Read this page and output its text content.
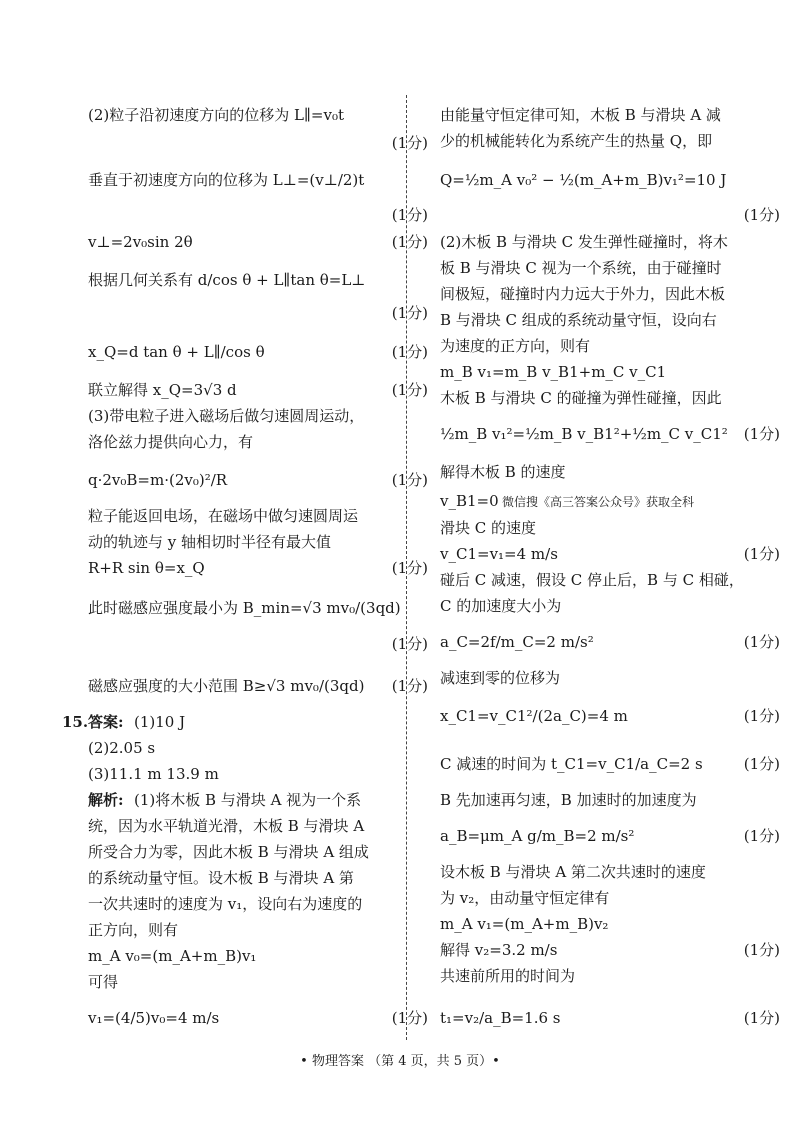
(2)粒子沿初速度方向的位移为 L∥=v₀t
(1分)
垂直于初速度方向的位移为 L⊥=(v⊥/2)t
(1分)
v⊥=2v₀sin 2θ	(1分)
根据几何关系有 d/cos θ + L∥tan θ=L⊥
(1分)
x_Q=d tan θ + L∥/cos θ	(1分)
联立解得 x_Q=3√3 d	(1分)
(3)带电粒子进入磁场后做匀速圆周运动，
洛伦兹力提供向心力，有
q·2v₀B=m·(2v₀)²/R	(1分)
粒子能返回电场，在磁场中做匀速圆周运
动的轨迹与 y 轴相切时半径有最大值
R+R sin θ=x_Q	(1分)
此时磁感应强度最小为 B_min=√3 mv₀/(3qd)
(1分)
磁感应强度的大小范围 B≥√3 mv₀/(3qd) (1分)
15. 答案: (1)10 J
(2)2.05 s
(3)11.1 m 13.9 m
解析: (1)将木板 B 与滑块 A 视为一个系
统，因为水平轨道光滑，木板 B 与滑块 A
所受合力为零，因此木板 B 与滑块 A 组成
的系统动量守恒。设木板 B 与滑块 A 第
一次共速时的速度为 v₁，设向右为速度的
正方向，则有
m_A v₀=(m_A+m_B)v₁
可得
v₁=(4/5)v₀=4 m/s	(1分)
由能量守恒定律可知，木板 B 与滑块 A 减
少的机械能转化为系统产生的热量 Q，即
Q=½m_A v₀² − ½(m_A+m_B)v₁²=10 J
(1分)
(2)木板 B 与滑块 C 发生弹性碰撞时，将木
板 B 与滑块 C 视为一个系统，由于碰撞时
间极短，碰撞时内力远大于外力，因此木板
B 与滑块 C 组成的系统动量守恒，设向右
为速度的正方向，则有
m_B v₁=m_B v_B1+m_C v_C1
木板 B 与滑块 C 的碰撞为弹性碰撞，因此
½m_B v₁²=½m_B v_B1²+½m_C v_C1² (1分)
解得木板 B 的速度
v_B1=0 微信搜《高三答案公众号》获取全科
滑块 C 的速度
v_C1=v₁=4 m/s	(1分)
碰后 C 减速，假设 C 停止后，B 与 C 相碰，
C 的加速度大小为
a_C=2f/m_C=2 m/s²	(1分)
减速到零的位移为
x_C1=v_C1²/(2a_C)=4 m	(1分)
C 减速的时间为 t_C1=v_C1/a_C=2 s	(1分)
B 先加速再匀速，B 加速时的加速度为
a_B=μm_A g/m_B=2 m/s²	(1分)
设木板 B 与滑块 A 第二次共速时的速度
为 v₂，由动量守恒定律有
m_A v₁=(m_A+m_B)v₂
解得 v₂=3.2 m/s	(1分)
共速前所用的时间为
t₁=v₂/a_B=1.6 s	(1分)
• 物理答案 （第 4 页，共 5 页）•
